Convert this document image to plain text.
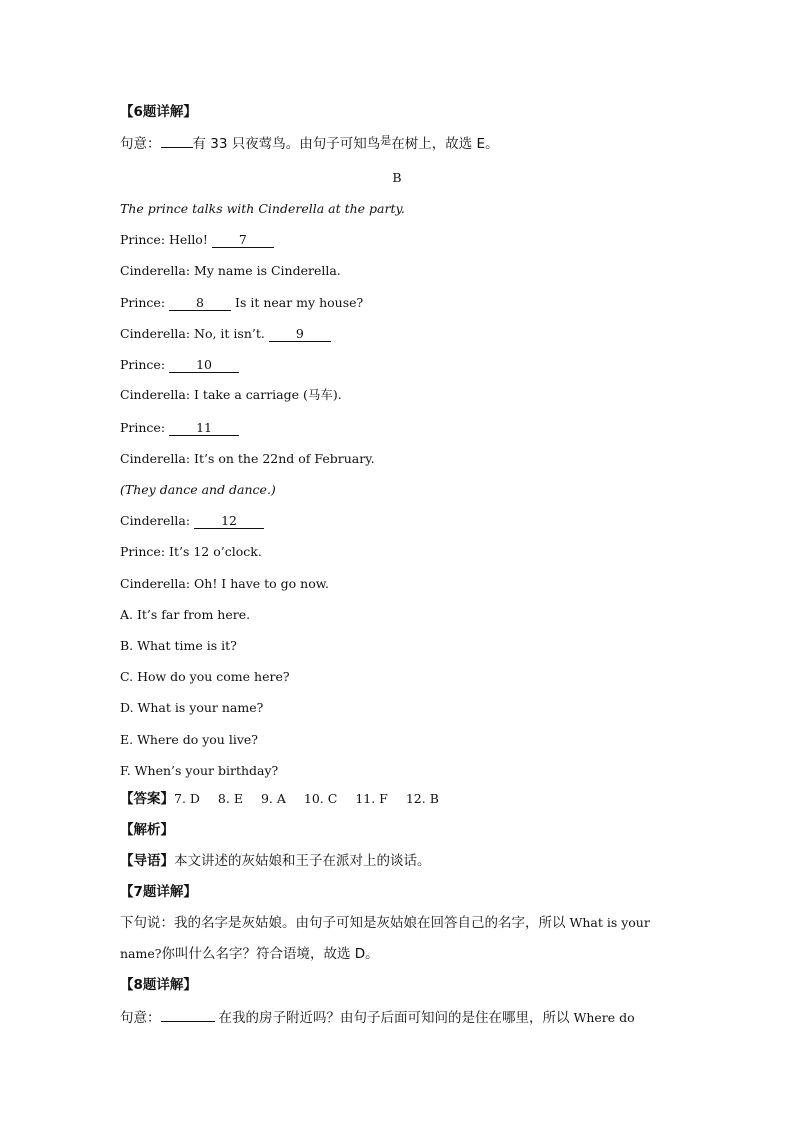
【6题详解】
句意： 有 33 只夜莺鸟。由句子可知鸟是在树上，故选 E。
B
The prince talks with Cinderella at the party.
Prince: Hello! 7
Cinderella: My name is Cinderella.
Prince: 8 Is it near my house?
Cinderella: No, it isn’t. 9
Prince: 10
Cinderella: I take a carriage (马车).
Prince: 11
Cinderella: It’s on the 22nd of February.
(They dance and dance.)
Cinderella: 12
Prince: It’s 12 o’clock.
Cinderella: Oh! I have to go now.
A. It’s far from here.
B. What time is it?
C. How do you come here?
D. What is your name?
E. Where do you live?
F. When’s your birthday?
【答案】7. D 8. E 9. A 10. C 11. F 12. B
【解析】
【导语】本文讲述的灰姑娘和王子在派对上的谈话。
【7题详解】
下句说：我的名字是灰姑娘。由句子可知是灰姑娘在回答自己的名字，所以 What is your
name?你叫什么名字？符合语境，故选 D。
【8题详解】
句意：	在我的房子附近吗？由句子后面可知问的是住在哪里，所以 Where do
